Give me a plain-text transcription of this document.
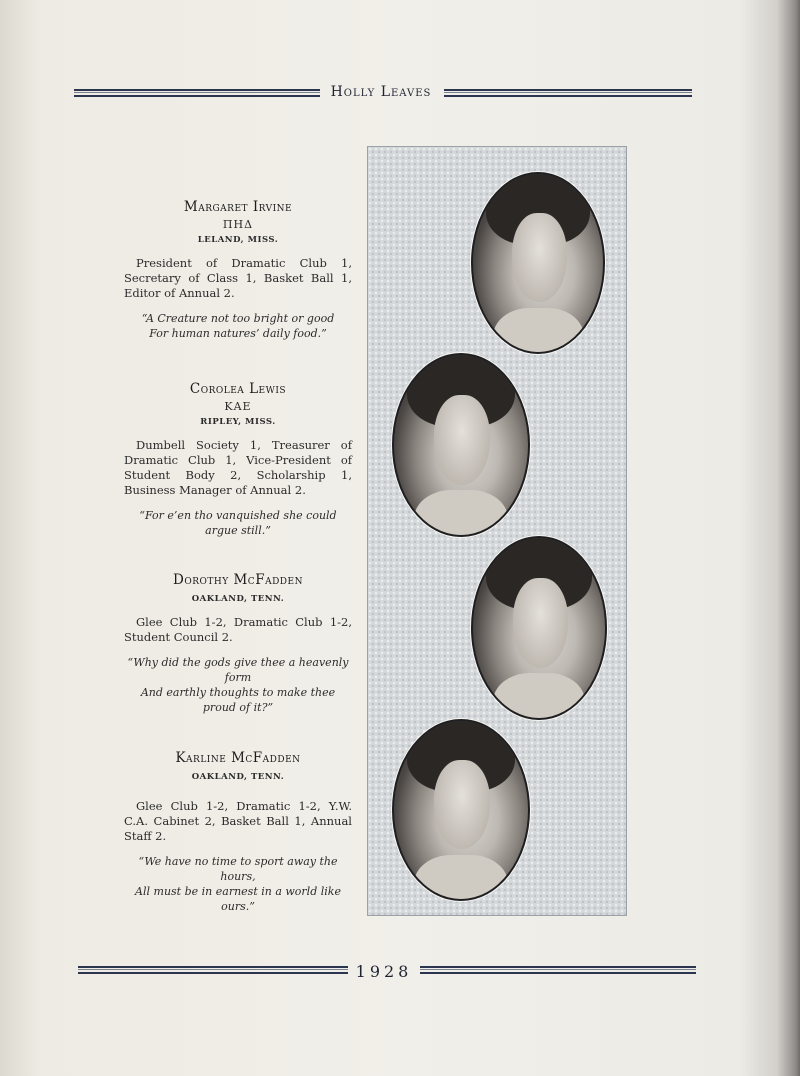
Holly Leaves
Margaret Irvine
ΠΗΔ
LELAND, MISS.

President of Dramatic Club 1, Secretary of Class 1, Basket Ball 1, Editor of Annual 2.

“A Creature not too bright or good
For human natures’ daily food.”
Corolea Lewis
ΚΑΕ
RIPLEY, MISS.

Dumbell Society 1, Treasurer of Dramatic Club 1, Vice-President of Student Body 2, Scholarship 1, Business Manager of Annual 2.

“For e’en tho vanquished she could argue still.”
Dorothy McFadden
OAKLAND, TENN.

Glee Club 1-2, Dramatic Club 1-2, Student Council 2.

“Why did the gods give thee a heavenly form
And earthly thoughts to make thee proud of it?”
Karline McFadden
OAKLAND, TENN.

Glee Club 1-2, Dramatic 1-2, Y.W. C.A. Cabinet 2, Basket Ball 1, Annual Staff 2.

“We have no time to sport away the hours,
All must be in earnest in a world like ours.”
1928
